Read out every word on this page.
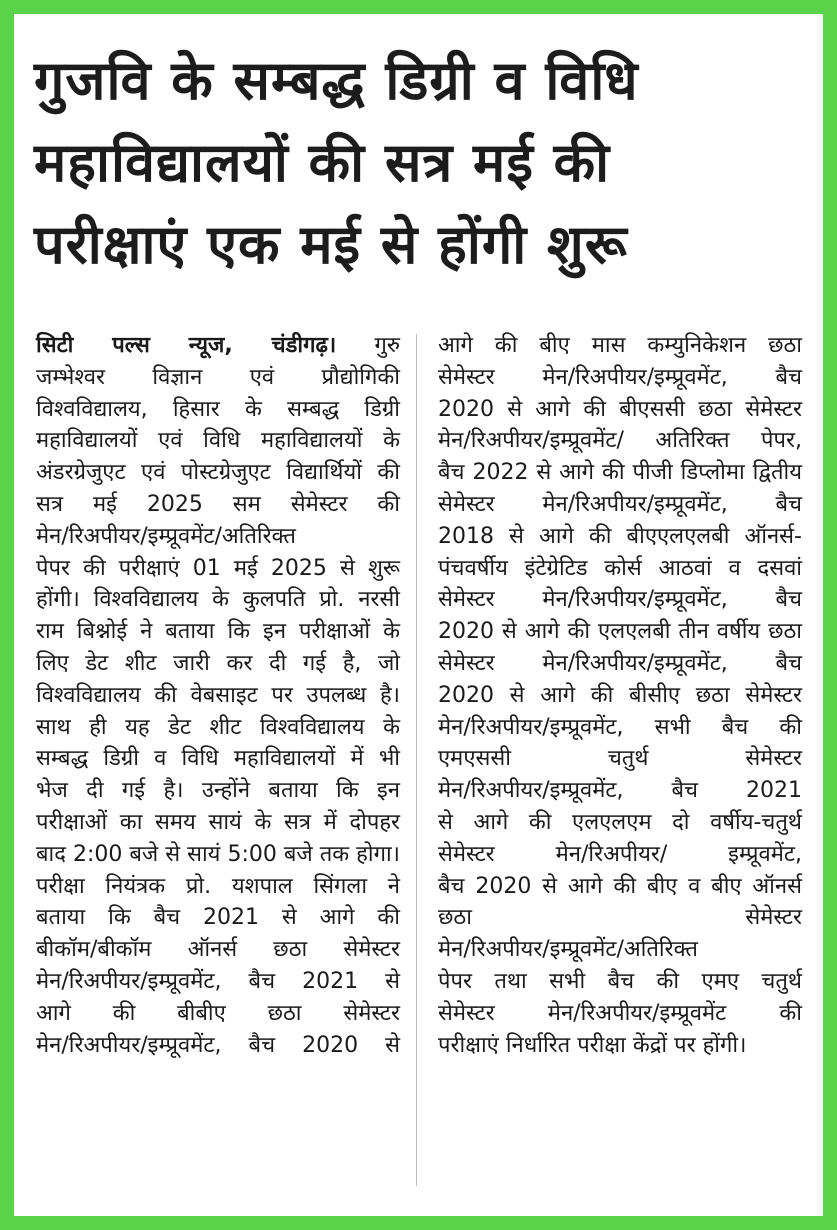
गुजवि के सम्बद्ध डिग्री व विधि
महाविद्यालयों की सत्र मई की
परीक्षाएं एक मई से होंगी शुरू

सिटी पल्स न्यूज, चंडीगढ़। गुरु

जम्भेश्वर विज्ञान एवं प्रौद्योगिकी

विश्वविद्यालय, हिसार के सम्बद्ध डिग्री

महाविद्यालयों एवं विधि महाविद्यालयों के

अंडरग्रेजुएट एवं पोस्टग्रेजुएट विद्यार्थियों की

सत्र मई 2025 सम सेमेस्टर की

मेन/रिअपीयर/इम्प्रूवमेंट/अतिरिक्त

पेपर की परीक्षाएं 01 मई 2025 से शुरू

होंगी। विश्वविद्यालय के कुलपति प्रो. नरसी

राम बिश्नोई ने बताया कि इन परीक्षाओं के

लिए डेट शीट जारी कर दी गई है, जो

विश्वविद्यालय की वेबसाइट पर उपलब्ध है।

साथ ही यह डेट शीट विश्वविद्यालय के

सम्बद्ध डिग्री व विधि महाविद्यालयों में भी

भेज दी गई है। उन्होंने बताया कि इन

परीक्षाओं का समय सायं के सत्र में दोपहर

बाद 2:00 बजे से सायं 5:00 बजे तक होगा।

परीक्षा नियंत्रक प्रो. यशपाल सिंगला ने

बताया कि बैच 2021 से आगे की

बीकॉम/बीकॉम ऑनर्स छठा सेमेस्टर

मेन/रिअपीयर/इम्प्रूवमेंट, बैच 2021 से

आगे की बीबीए छठा सेमेस्टर

मेन/रिअपीयर/इम्प्रूवमेंट, बैच 2020 से

आगे की बीए मास कम्युनिकेशन छठा

सेमेस्टर मेन/रिअपीयर/इम्प्रूवमेंट, बैच

2020 से आगे की बीएससी छठा सेमेस्टर

मेन/रिअपीयर/इम्प्रूवमेंट/ अतिरिक्त पेपर,

बैच 2022 से आगे की पीजी डिप्लोमा द्वितीय

सेमेस्टर मेन/रिअपीयर/इम्प्रूवमेंट, बैच

2018 से आगे की बीएएलएलबी ऑनर्स-

पंचवर्षीय इंटेग्रेटिड कोर्स आठवां व दसवां

सेमेस्टर मेन/रिअपीयर/इम्प्रूवमेंट, बैच

2020 से आगे की एलएलबी तीन वर्षीय छठा

सेमेस्टर मेन/रिअपीयर/इम्प्रूवमेंट, बैच

2020 से आगे की बीसीए छठा सेमेस्टर

मेन/रिअपीयर/इम्प्रूवमेंट, सभी बैच की

एमएससी चतुर्थ सेमेस्टर

मेन/रिअपीयर/इम्प्रूवमेंट, बैच 2021

से आगे की एलएलएम दो वर्षीय-चतुर्थ

सेमेस्टर मेन/रिअपीयर/ इम्प्रूवमेंट,

बैच 2020 से आगे की बीए व बीए ऑनर्स

छठा सेमेस्टर

मेन/रिअपीयर/इम्प्रूवमेंट/अतिरिक्त

पेपर तथा सभी बैच की एमए चतुर्थ

सेमेस्टर मेन/रिअपीयर/इम्प्रूवमेंट की

परीक्षाएं निर्धारित परीक्षा केंद्रों पर होंगी।
